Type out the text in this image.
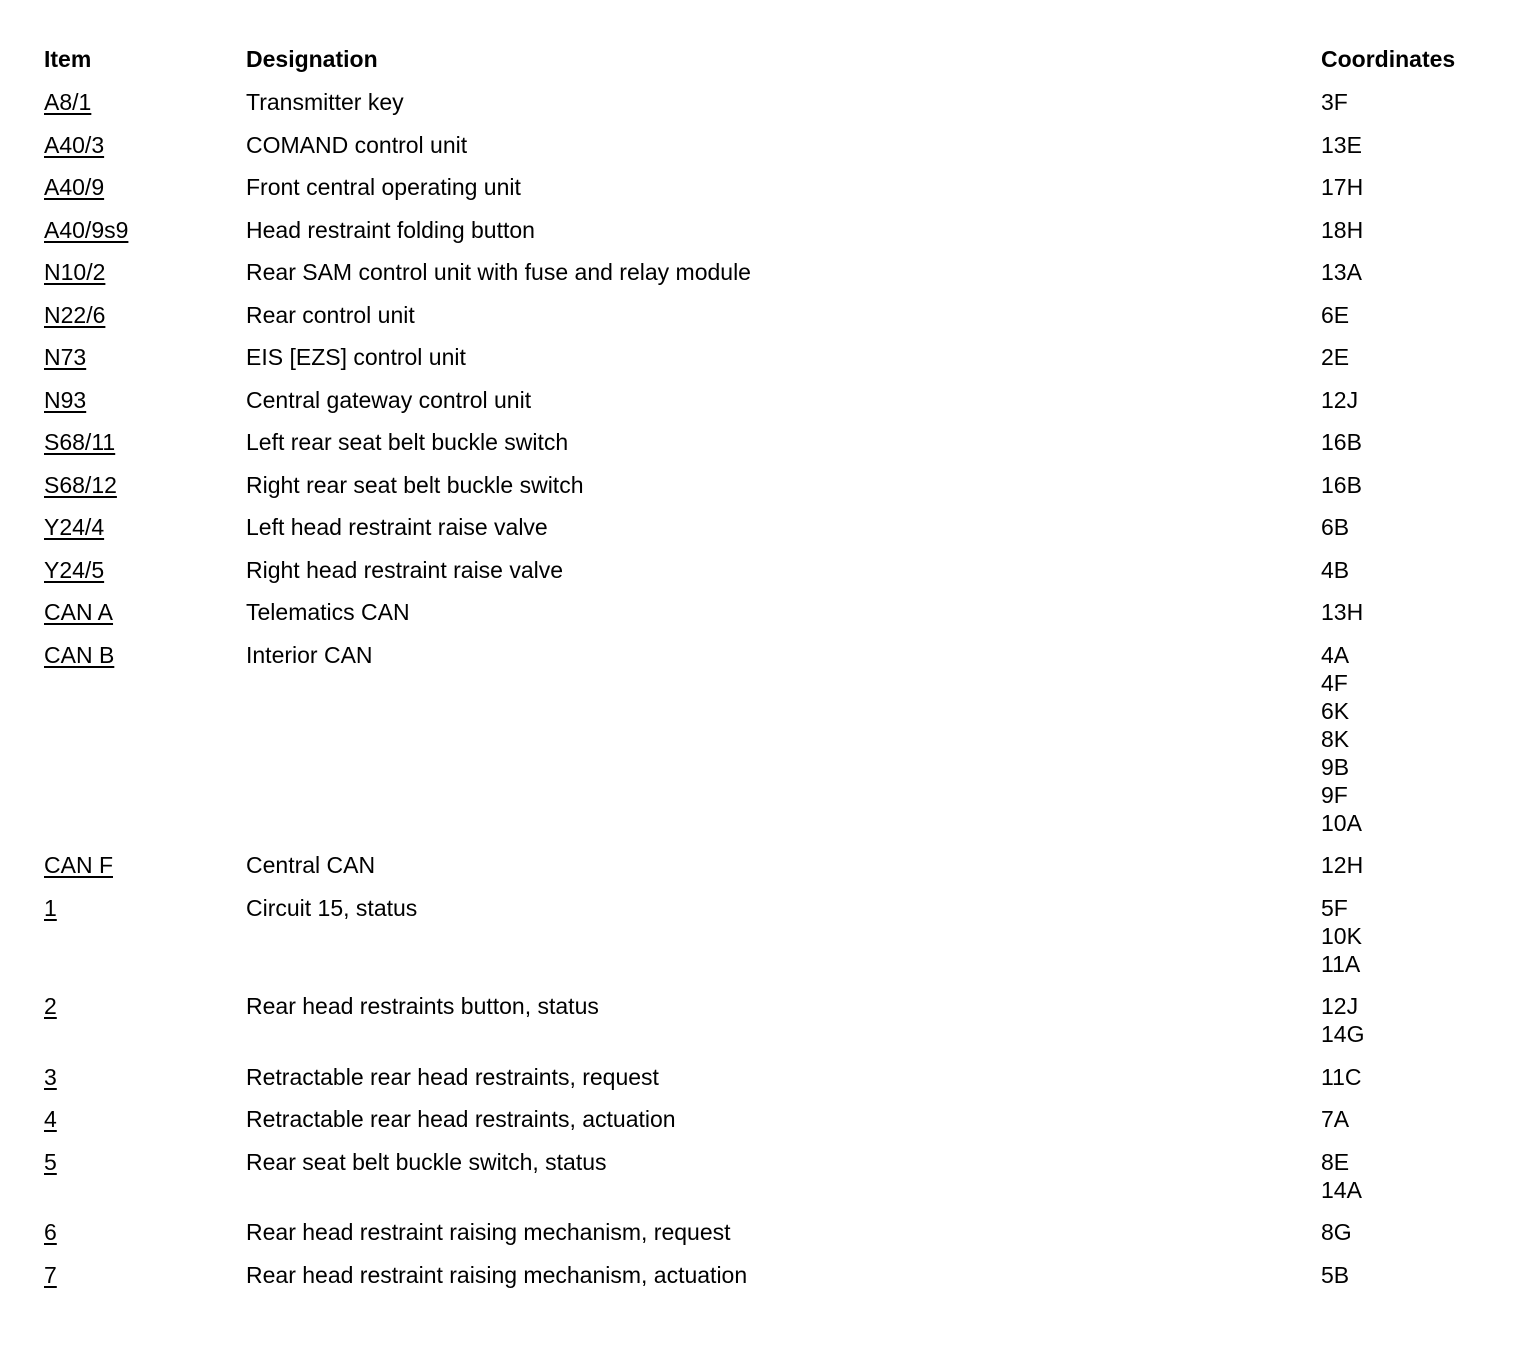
Item	Designation	Coordinates
A8/1	Transmitter key	3F
A40/3	COMAND control unit	13E
A40/9	Front central operating unit	17H
A40/9s9	Head restraint folding button	18H
N10/2	Rear SAM control unit with fuse and relay module	13A
N22/6	Rear control unit	6E
N73	EIS [EZS] control unit	2E
N93	Central gateway control unit	12J
S68/11	Left rear seat belt buckle switch	16B
S68/12	Right rear seat belt buckle switch	16B
Y24/4	Left head restraint raise valve	6B
Y24/5	Right head restraint raise valve	4B
CAN A	Telematics CAN	13H
CAN B	Interior CAN	4A
4F
6K
8K
9B
9F
10A
CAN F	Central CAN	12H
1	Circuit 15, status	5F
10K
11A
2	Rear head restraints button, status	12J
14G
3	Retractable rear head restraints, request	11C
4	Retractable rear head restraints, actuation	7A
5	Rear seat belt buckle switch, status	8E
14A
6	Rear head restraint raising mechanism, request	8G
7	Rear head restraint raising mechanism, actuation	5B
